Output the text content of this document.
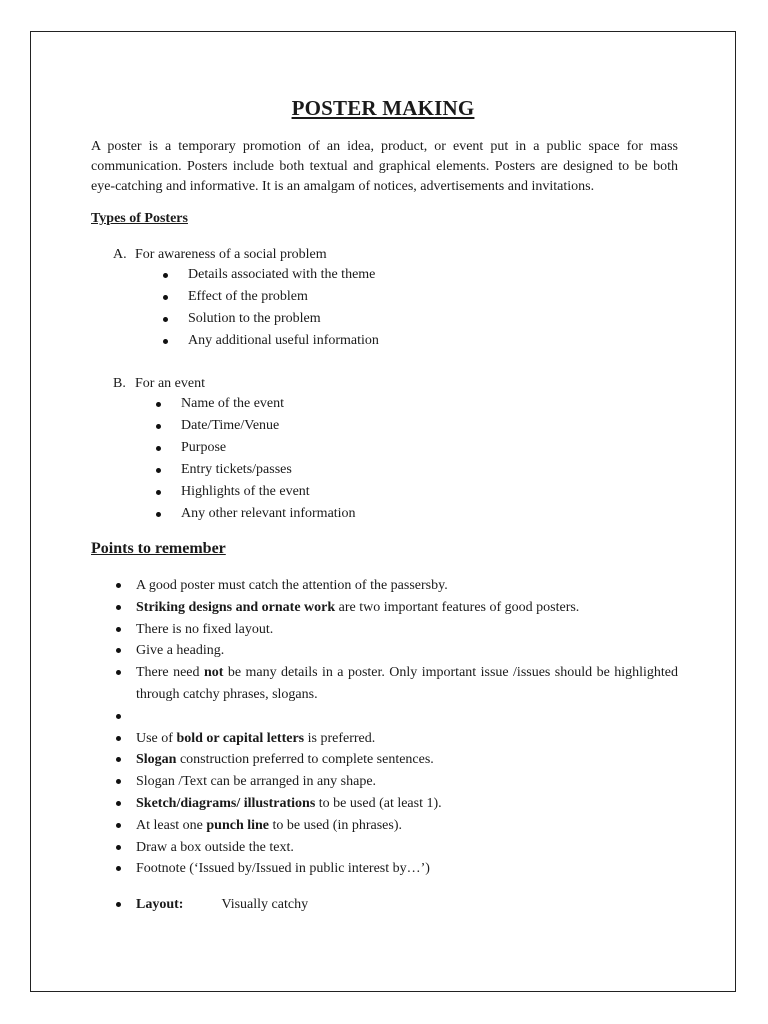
POSTER MAKING

A poster is a temporary promotion of an idea, product, or event put in a public space for mass communication. Posters include both textual and graphical elements. Posters are designed to be both eye-catching and informative. It is an amalgam of notices, advertisements and invitations.

Types of Posters

A. For awareness of a social problem
Details associated with the theme
Effect of the problem
Solution to the problem
Any additional useful information
B. For an event
Name of the event
Date/Time/Venue
Purpose
Entry tickets/passes
Highlights of the event
Any other relevant information

Points to remember

A good poster must catch the attention of the passersby.
Striking designs and ornate work are two important features of good posters.
There is no fixed layout.
Give a heading.
There need not be many details in a poster. Only important issue /issues should be highlighted through catchy phrases, slogans.
Use of bold or capital letters is preferred.
Slogan construction preferred to complete sentences.
Slogan /Text can be arranged in any shape.
Sketch/diagrams/ illustrations to be used (at least 1).
At least one punch line to be used (in phrases).
Draw a box outside the text.
Footnote (‘Issued by/Issued in public interest by…’)
Layout:	Visually catchy
